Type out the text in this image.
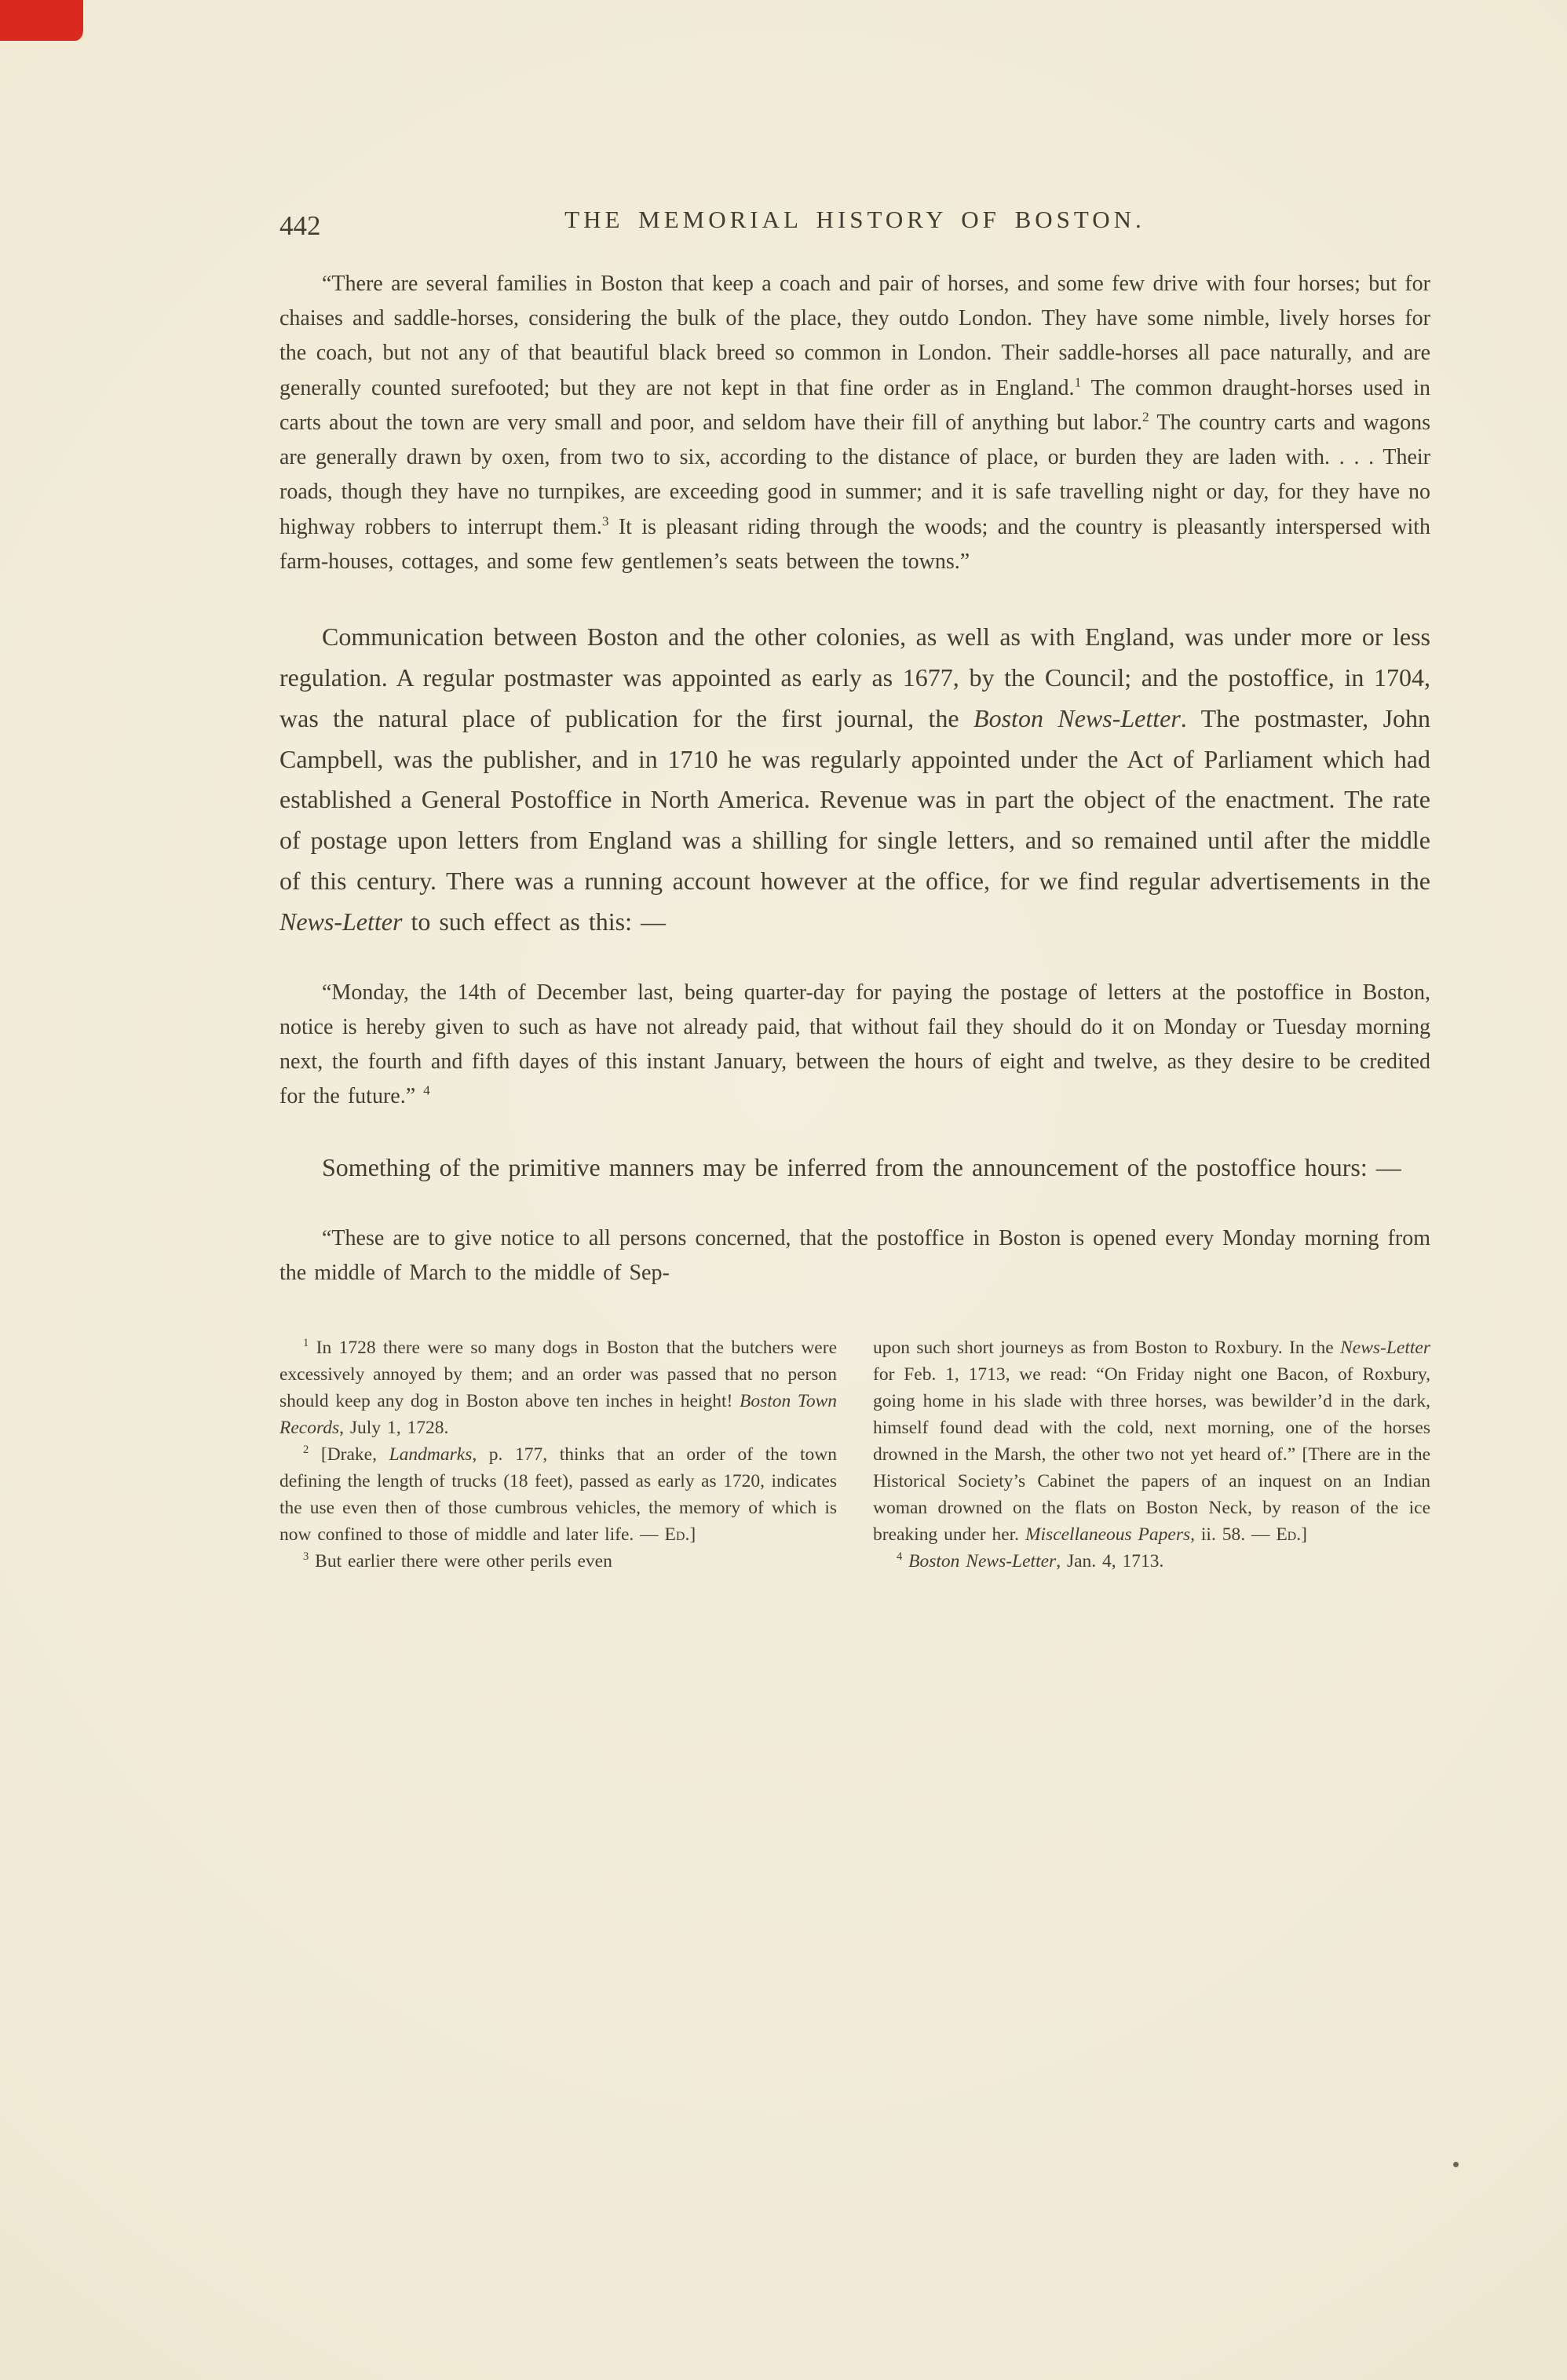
442	THE MEMORIAL HISTORY OF BOSTON.

“There are several families in Boston that keep a coach and pair of horses, and some few drive with four horses; but for chaises and saddle-horses, considering the bulk of the place, they outdo London. They have some nimble, lively horses for the coach, but not any of that beautiful black breed so common in London. Their saddle-horses all pace naturally, and are generally counted surefooted; but they are not kept in that fine order as in England.$^1$ The common draught-horses used in carts about the town are very small and poor, and seldom have their fill of anything but labor.$^2$ The country carts and wagons are generally drawn by oxen, from two to six, according to the distance of place, or burden they are laden with. . . . Their roads, though they have no turnpikes, are exceeding good in summer; and it is safe travelling night or day, for they have no highway robbers to interrupt them.$^3$ It is pleasant riding through the woods; and the country is pleasantly interspersed with farm-houses, cottages, and some few gentlemen’s seats between the towns.”

Communication between Boston and the other colonies, as well as with England, was under more or less regulation. A regular postmaster was appointed as early as 1677, by the Council; and the postoffice, in 1704, was the natural place of publication for the first journal, the Boston News-Letter. The postmaster, John Campbell, was the publisher, and in 1710 he was regularly appointed under the Act of Parliament which had established a General Postoffice in North America. Revenue was in part the object of the enactment. The rate of postage upon letters from England was a shilling for single letters, and so remained until after the middle of this century. There was a running account however at the office, for we find regular advertisements in the News-Letter to such effect as this: —

“Monday, the 14th of December last, being quarter-day for paying the postage of letters at the postoffice in Boston, notice is hereby given to such as have not already paid, that without fail they should do it on Monday or Tuesday morning next, the fourth and fifth dayes of this instant January, between the hours of eight and twelve, as they desire to be credited for the future.” $^4$

Something of the primitive manners may be inferred from the announcement of the postoffice hours: —

“These are to give notice to all persons concerned, that the postoffice in Boston is opened every Monday morning from the middle of March to the middle of Sep-

$^1$ In 1728 there were so many dogs in Boston that the butchers were excessively annoyed by them; and an order was passed that no person should keep any dog in Boston above ten inches in height! Boston Town Records, July 1, 1728.

$^2$ [Drake, Landmarks, p. 177, thinks that an order of the town defining the length of trucks (18 feet), passed as early as 1720, indicates the use even then of those cumbrous vehicles, the memory of which is now confined to those of middle and later life. — Ed.]

$^3$ But earlier there were other perils even

upon such short journeys as from Boston to Roxbury. In the News-Letter for Feb. 1, 1713, we read: “On Friday night one Bacon, of Roxbury, going home in his slade with three horses, was bewilder’d in the dark, himself found dead with the cold, next morning, one of the horses drowned in the Marsh, the other two not yet heard of.” [There are in the Historical Society’s Cabinet the papers of an inquest on an Indian woman drowned on the flats on Boston Neck, by reason of the ice breaking under her. Miscellaneous Papers, ii. 58. — Ed.]

$^4$ Boston News-Letter, Jan. 4, 1713.
